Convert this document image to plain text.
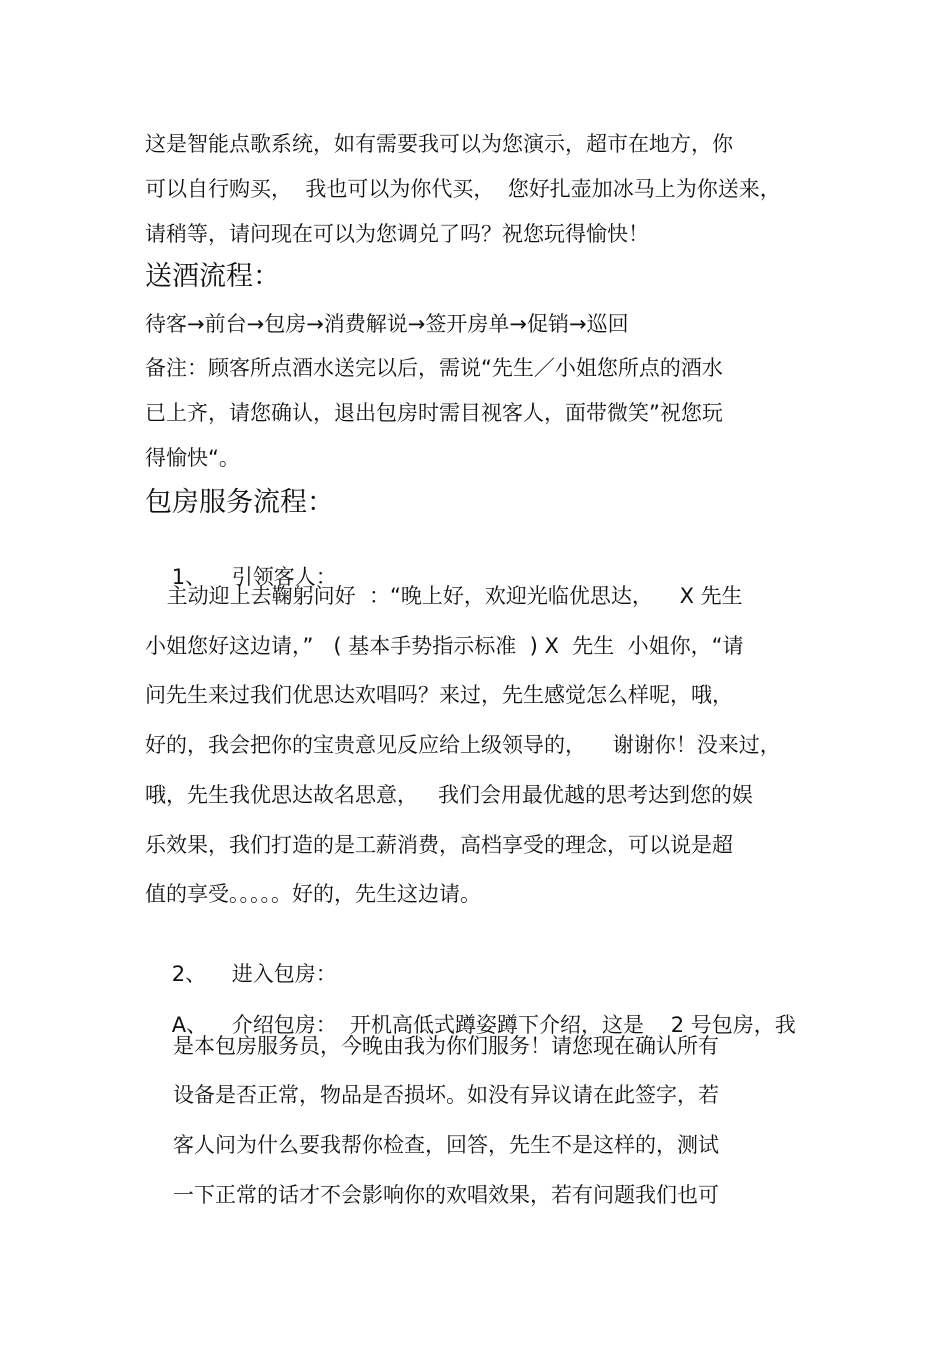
这是智能点歌系统，如有需要我可以为您演示，超市在地方，你
可以自行购买，  我也可以为你代买，  您好扎壶加冰马上为你送来，
请稍等，请问现在可以为您调兑了吗？祝您玩得愉快！
送酒流程：
待客→前台→包房→消费解说→签开房单→促销→巡回
备注：顾客所点酒水送完以后，需说“先生／小姐您所点的酒水
已上齐，请您确认，退出包房时需目视客人，面带微笑”祝您玩
得愉快“。
包房服务流程：

1、 引领客人：

主动迎上去鞠躬问好  ：“晚上好，欢迎光临优思达，    X 先生
小姐您好这边请，”   ( 基本手势指示标准  ) X  先生  小姐你，“请
问先生来过我们优思达欢唱吗？来过，先生感觉怎么样呢，哦，
好的，我会把你的宝贵意见反应给上级领导的，    谢谢你！没来过，
哦，先生我优思达故名思意，   我们会用最优越的思考达到您的娱
乐效果，我们打造的是工薪消费，高档享受的理念，可以说是超
值的享受。。。。。好的，先生这边请。

2、 进入包房：

A、 介绍包房：  开机高低式蹲姿蹲下介绍，这是    2 号包房，我

是本包房服务员，今晚由我为你们服务！请您现在确认所有
设备是否正常，物品是否损坏。如没有异议请在此签字，若
客人问为什么要我帮你检查，回答，先生不是这样的，测试
一下正常的话才不会影响你的欢唱效果，若有问题我们也可
